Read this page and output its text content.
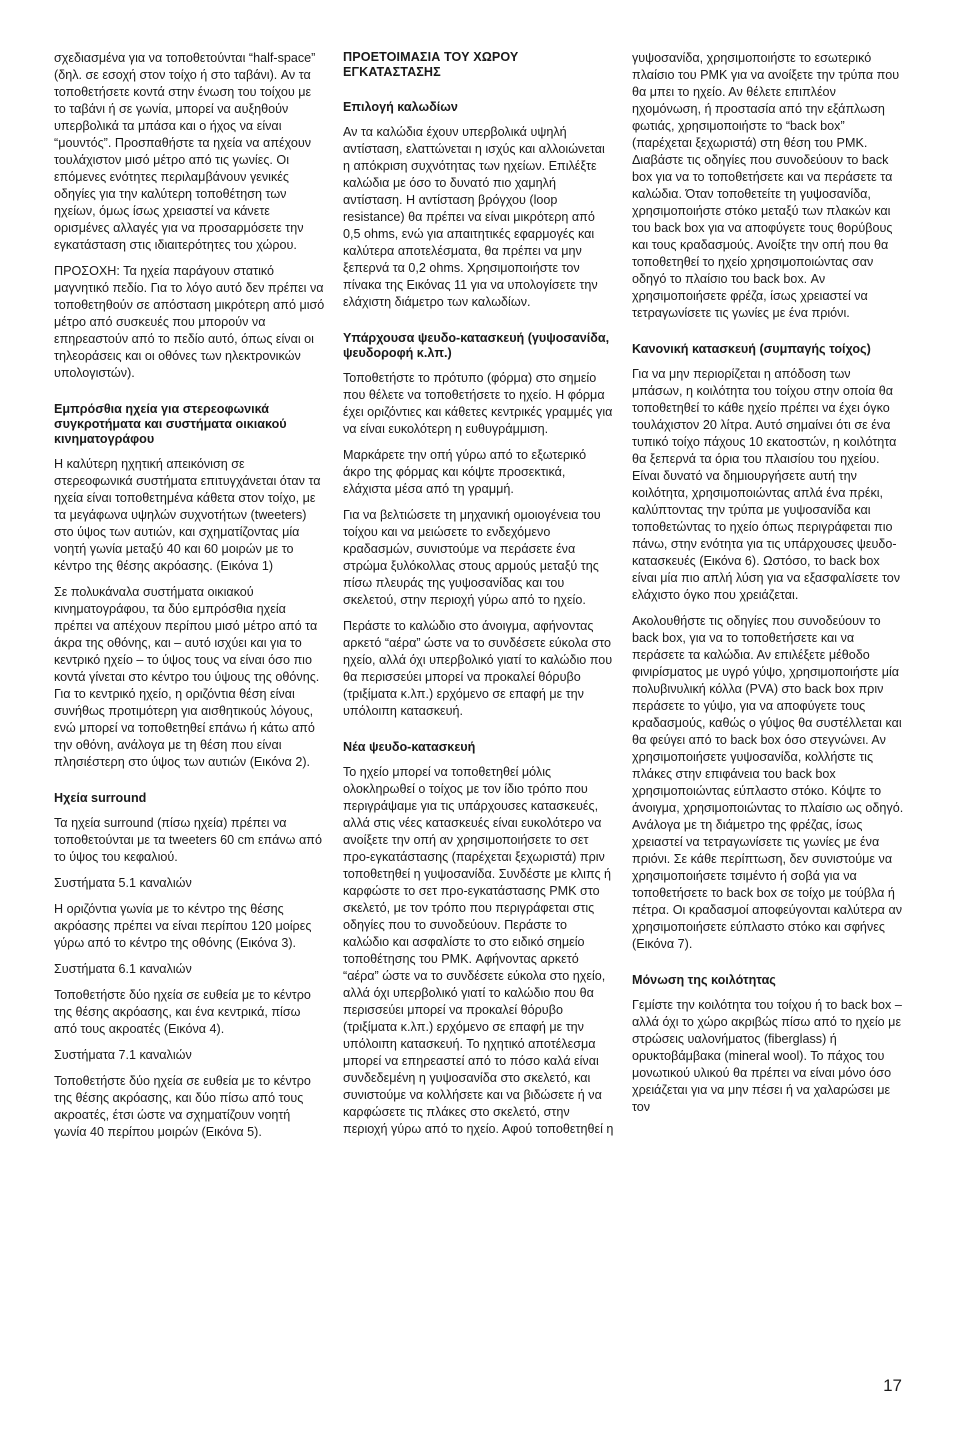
σχεδιασμένα για να τοποθετούνται “half-space” (δηλ. σε εσοχή στον τοίχο ή στο ταβάνι). Αν τα τοποθετήσετε κοντά στην ένωση του τοίχου με το ταβάνι ή σε γωνία, μπορεί να αυξηθούν υπερβολικά τα μπάσα και ο ήχος να είναι “μουντός”. Προσπαθήστε τα ηχεία να απέχουν τουλάχιστον μισό μέτρο από τις γωνίες. Οι επόμενες ενότητες περιλαμβάνουν γενικές οδηγίες για την καλύτερη τοποθέτηση των ηχείων, όμως ίσως χρειαστεί να κάνετε ορισμένες αλλαγές για να προσαρμόσετε την εγκατάσταση στις ιδιαιτερότητες του χώρου.

ΠΡΟΣΟΧΗ: Τα ηχεία παράγουν στατικό μαγνητικό πεδίο. Για το λόγο αυτό δεν πρέπει να τοποθετηθούν σε απόσταση μικρότερη από μισό μέτρο από συσκευές που μπορούν να επηρεαστούν από το πεδίο αυτό, όπως είναι οι τηλεοράσεις και οι οθόνες των ηλεκτρονικών υπολογιστών).

Εμπρόσθια ηχεία για στερεοφωνικά συγκροτήματα και συστήματα οικιακού κινηματογράφου

Η καλύτερη ηχητική απεικόνιση σε στερεοφωνικά συστήματα επιτυγχάνεται όταν τα ηχεία είναι τοποθετημένα κάθετα στον τοίχο, με τα μεγάφωνα υψηλών συχνοτήτων (tweeters) στο ύψος των αυτιών, και σχηματίζοντας μία νοητή γωνία μεταξύ 40 και 60 μοιρών με το κέντρο της θέσης ακρόασης. (Εικόνα 1)

Σε πολυκάναλα συστήματα οικιακού κινηματογράφου, τα δύο εμπρόσθια ηχεία πρέπει να απέχουν περίπου μισό μέτρο από τα άκρα της οθόνης, και – αυτό ισχύει και για το κεντρικό ηχείο – το ύψος τους να είναι όσο πιο κοντά γίνεται στο κέντρο του ύψους της οθόνης. Για το κεντρικό ηχείο, η οριζόντια θέση είναι συνήθως προτιμότερη για αισθητικούς λόγους, ενώ μπορεί να τοποθετηθεί επάνω ή κάτω από την οθόνη, ανάλογα με τη θέση που είναι πλησιέστερη στο ύψος των αυτιών (Εικόνα 2).

Ηχεία surround

Τα ηχεία surround (πίσω ηχεία) πρέπει να τοποθετούνται με τα tweeters 60 cm επάνω από το ύψος του κεφαλιού.

Συστήματα 5.1 καναλιών

Η οριζόντια γωνία με το κέντρο της θέσης ακρόασης πρέπει να είναι περίπου 120 μοίρες γύρω από το κέντρο της οθόνης (Εικόνα 3).

Συστήματα 6.1 καναλιών

Τοποθετήστε δύο ηχεία σε ευθεία με το κέντρο της θέσης ακρόασης, και ένα κεντρικά, πίσω από τους ακροατές (Εικόνα 4).

Συστήματα 7.1 καναλιών

Τοποθετήστε δύο ηχεία σε ευθεία με το κέντρο της θέσης ακρόασης, και δύο πίσω από τους ακροατές, έτσι ώστε να σχηματίζουν νοητή γωνία 40 περίπου μοιρών (Εικόνα 5).

ΠΡΟΕΤΟΙΜΑΣΙΑ ΤΟΥ ΧΩΡΟΥ ΕΓΚΑΤΑΣΤΑΣΗΣ
Επιλογή καλωδίων

Αν τα καλώδια έχουν υπερβολικά υψηλή αντίσταση, ελαττώνεται η ισχύς και αλλοιώνεται η απόκριση συχνότητας των ηχείων. Επιλέξτε καλώδια με όσο το δυνατό πιο χαμηλή αντίσταση. Η αντίσταση βρόγχου (loop resistance) θα πρέπει να είναι μικρότερη από 0,5 ohms, ενώ για απαιτητικές εφαρμογές και καλύτερα αποτελέσματα, θα πρέπει να μην ξεπερνά τα 0,2 ohms. Χρησιμοποιήστε τον πίνακα της Εικόνας 11 για να υπολογίσετε την ελάχιστη διάμετρο των καλωδίων.

Υπάρχουσα ψευδο-κατασκευή (γυψοσανίδα, ψευδοροφή κ.λπ.)

Τοποθετήστε το πρότυπο (φόρμα) στο σημείο που θέλετε να τοποθετήσετε το ηχείο. Η φόρμα έχει οριζόντιες και κάθετες κεντρικές γραμμές για να είναι ευκολότερη η ευθυγράμμιση.

Μαρκάρετε την οπή γύρω από το εξωτερικό άκρο της φόρμας και κόψτε προσεκτικά, ελάχιστα μέσα από τη γραμμή.

Για να βελτιώσετε τη μηχανική ομοιογένεια του τοίχου και να μειώσετε το ενδεχόμενο κραδασμών, συνιστούμε να περάσετε ένα στρώμα ξυλόκολλας στους αρμούς μεταξύ της πίσω πλευράς της γυψοσανίδας και του σκελετού, στην περιοχή γύρω από το ηχείο.

Περάστε το καλώδιο στο άνοιγμα, αφήνοντας αρκετό “αέρα” ώστε να το συνδέσετε εύκολα στο ηχείο, αλλά όχι υπερβολικό γιατί το καλώδιο που θα περισσεύει μπορεί να προκαλεί θόρυβο (τριξίματα κ.λπ.) ερχόμενο σε επαφή με την υπόλοιπη κατασκευή.

Νέα ψευδο-κατασκευή

Το ηχείο μπορεί να τοποθετηθεί μόλις ολοκληρωθεί ο τοίχος με τον ίδιο τρόπο που περιγράψαμε για τις υπάρχουσες κατασκευές, αλλά στις νέες κατασκευές είναι ευκολότερο να ανοίξετε την οπή αν χρησιμοποιήσετε το σετ προ-εγκατάστασης (παρέχεται ξεχωριστά) πριν τοποθετηθεί η γυψοσανίδα. Συνδέστε με κλιπς ή καρφώστε το σετ προ-εγκατάστασης PMK στο σκελετό, με τον τρόπο που περιγράφεται στις οδηγίες που το συνοδεύουν. Περάστε το καλώδιο και ασφαλίστε το στο ειδικό σημείο τοποθέτησης του PMK. Αφήνοντας αρκετό “αέρα” ώστε να το συνδέσετε εύκολα στο ηχείο, αλλά όχι υπερβολικό γιατί το καλώδιο που θα περισσεύει μπορεί να προκαλεί θόρυβο (τριξίματα κ.λπ.) ερχόμενο σε επαφή με την υπόλοιπη κατασκευή. Το ηχητικό αποτέλεσμα μπορεί να επηρεαστεί από το πόσο καλά είναι συνδεδεμένη η γυψοσανίδα στο σκελετό, και συνιστούμε να κολλήσετε και να βιδώσετε ή να καρφώσετε τις πλάκες στο σκελετό, στην περιοχή γύρω από το ηχείο. Αφού τοποθετηθεί η

γυψοσανίδα, χρησιμοποιήστε το εσωτερικό πλαίσιο του PMK για να ανοίξετε την τρύπα που θα μπει το ηχείο. Αν θέλετε επιπλέον ηχομόνωση, ή προστασία από την εξάπλωση φωτιάς, χρησιμοποιήστε το “back box” (παρέχεται ξεχωριστά) στη θέση του PMK. Διαβάστε τις οδηγίες που συνοδεύουν το back box για να το τοποθετήσετε και να περάσετε τα καλώδια. Όταν τοποθετείτε τη γυψοσανίδα, χρησιμοποιήστε στόκο μεταξύ των πλακών και του back box για να αποφύγετε τους θορύβους και τους κραδασμούς. Ανοίξτε την οπή που θα τοποθετηθεί το ηχείο χρησιμοποιώντας σαν οδηγό το πλαίσιο του back box. Αν χρησιμοποιήσετε φρέζα, ίσως χρειαστεί να τετραγωνίσετε τις γωνίες με ένα πριόνι.

Κανονική κατασκευή (συμπαγής τοίχος)

Για να μην περιορίζεται η απόδοση των μπάσων, η κοιλότητα του τοίχου στην οποία θα τοποθετηθεί το κάθε ηχείο πρέπει να έχει όγκο τουλάχιστον 20 λίτρα. Αυτό σημαίνει ότι σε ένα τυπικό τοίχο πάχους 10 εκατοστών, η κοιλότητα θα ξεπερνά τα όρια του πλαισίου του ηχείου. Είναι δυνατό να δημιουργήσετε αυτή την κοιλότητα, χρησιμοποιώντας απλά ένα πρέκι, καλύπτοντας την τρύπα με γυψοσανίδα και τοποθετώντας το ηχείο όπως περιγράφεται πιο πάνω, στην ενότητα για τις υπάρχουσες ψευδο-κατασκευές (Εικόνα 6). Ωστόσο, το back box είναι μία πιο απλή λύση για να εξασφαλίσετε τον ελάχιστο όγκο που χρειάζεται.

Ακολουθήστε τις οδηγίες που συνοδεύουν το back box, για να το τοποθετήσετε και να περάσετε τα καλώδια. Αν επιλέξετε μέθοδο φινιρίσματος με υγρό γύψο, χρησιμοποιήστε μία πολυβινυλική κόλλα (PVA) στο back box πριν περάσετε το γύψο, για να αποφύγετε τους κραδασμούς, καθώς ο γύψος θα συστέλλεται και θα φεύγει από το back box όσο στεγνώνει. Αν χρησιμοποιήσετε γυψοσανίδα, κολλήστε τις πλάκες στην επιφάνεια του back box χρησιμοποιώντας εύπλαστο στόκο. Κόψτε το άνοιγμα, χρησιμοποιώντας το πλαίσιο ως οδηγό. Ανάλογα με τη διάμετρο της φρέζας, ίσως χρειαστεί να τετραγωνίσετε τις γωνίες με ένα πριόνι. Σε κάθε περίπτωση, δεν συνιστούμε να χρησιμοποιήσετε τσιμέντο ή σοβά για να τοποθετήσετε το back box σε τοίχο με τούβλα ή πέτρα. Οι κραδασμοί αποφεύγονται καλύτερα αν χρησιμοποιήσετε εύπλαστο στόκο και σφήνες (Εικόνα 7).

Μόνωση της κοιλότητας

Γεμίστε την κοιλότητα του τοίχου ή το back box – αλλά όχι το χώρο ακριβώς πίσω από το ηχείο με στρώσεις υαλονήματος (fiberglass) ή ορυκτοβάμβακα (mineral wool). Το πάχος του μονωτικού υλικού θα πρέπει να είναι μόνο όσο χρειάζεται για να μην πέσει ή να χαλαρώσει με τον

17
